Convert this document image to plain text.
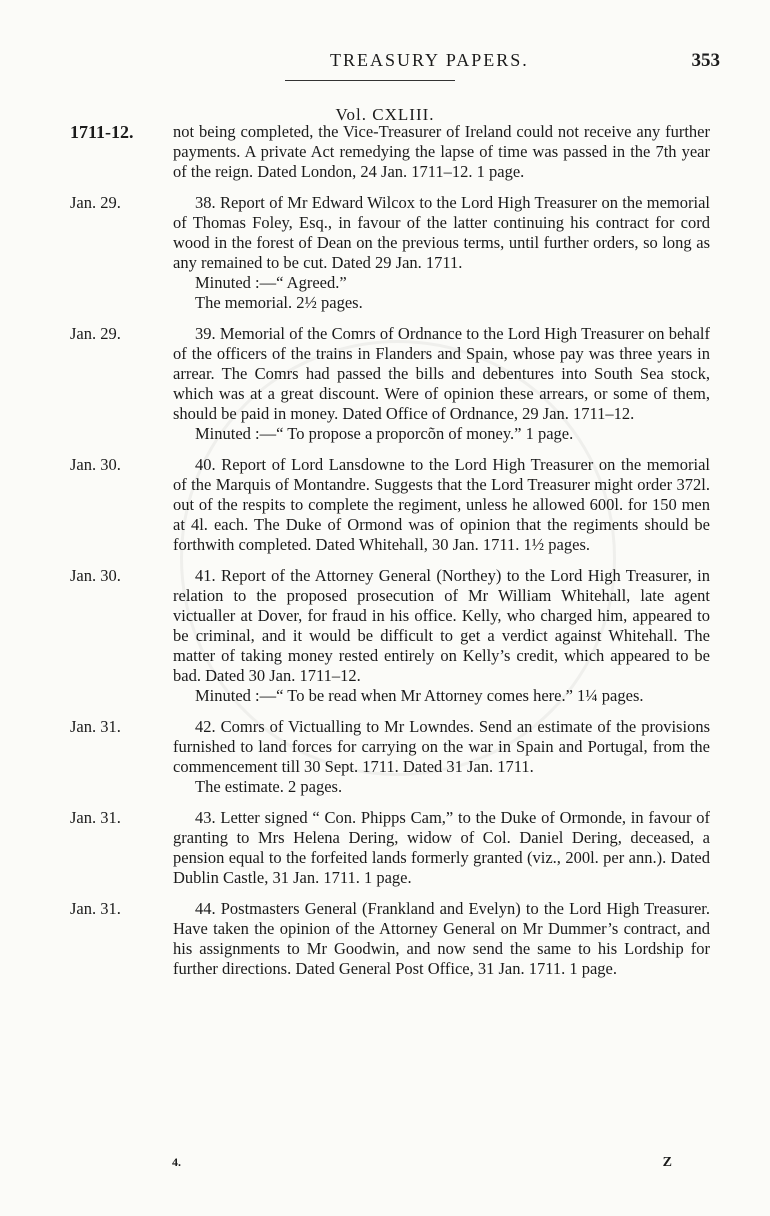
TREASURY PAPERS.	353
Vol. CXLIII.
1711-12.	not being completed, the Vice-Treasurer of Ireland could not receive any further payments. A private Act remedying the lapse of time was passed in the 7th year of the reign. Dated London, 24 Jan. 1711–12. 1 page.

Jan. 29.	38. Report of Mr Edward Wilcox to the Lord High Treasurer on the memorial of Thomas Foley, Esq., in favour of the latter continuing his contract for cord wood in the forest of Dean on the previous terms, until further orders, so long as any remained to be cut. Dated 29 Jan. 1711.

Minuted :—“ Agreed.”

The memorial. 2½ pages.

Jan. 29.	39. Memorial of the Comrs of Ordnance to the Lord High Treasurer on behalf of the officers of the trains in Flanders and Spain, whose pay was three years in arrear. The Comrs had passed the bills and debentures into South Sea stock, which was at a great discount. Were of opinion these arrears, or some of them, should be paid in money. Dated Office of Ordnance, 29 Jan. 1711–12.

Minuted :—“ To propose a proporcõn of money.” 1 page.

Jan. 30.	40. Report of Lord Lansdowne to the Lord High Treasurer on the memorial of the Marquis of Montandre. Suggests that the Lord Treasurer might order 372l. out of the respits to complete the regiment, unless he allowed 600l. for 150 men at 4l. each. The Duke of Ormond was of opinion that the regiments should be forthwith completed. Dated Whitehall, 30 Jan. 1711. 1½ pages.

Jan. 30.	41. Report of the Attorney General (Northey) to the Lord High Treasurer, in relation to the proposed prosecution of Mr William Whitehall, late agent victualler at Dover, for fraud in his office. Kelly, who charged him, appeared to be criminal, and it would be difficult to get a verdict against Whitehall. The matter of taking money rested entirely on Kelly’s credit, which appeared to be bad. Dated 30 Jan. 1711–12.

Minuted :—“ To be read when Mr Attorney comes here.” 1¼ pages.

Jan. 31.	42. Comrs of Victualling to Mr Lowndes. Send an estimate of the provisions furnished to land forces for carrying on the war in Spain and Portugal, from the commencement till 30 Sept. 1711. Dated 31 Jan. 1711.

The estimate. 2 pages.

Jan. 31.	43. Letter signed “ Con. Phipps Cam,” to the Duke of Ormonde, in favour of granting to Mrs Helena Dering, widow of Col. Daniel Dering, deceased, a pension equal to the forfeited lands formerly granted (viz., 200l. per ann.). Dated Dublin Castle, 31 Jan. 1711. 1 page.

Jan. 31.	44. Postmasters General (Frankland and Evelyn) to the Lord High Treasurer. Have taken the opinion of the Attorney General on Mr Dummer’s contract, and his assignments to Mr Goodwin, and now send the same to his Lordship for further directions. Dated General Post Office, 31 Jan. 1711. 1 page.

4.	Z
